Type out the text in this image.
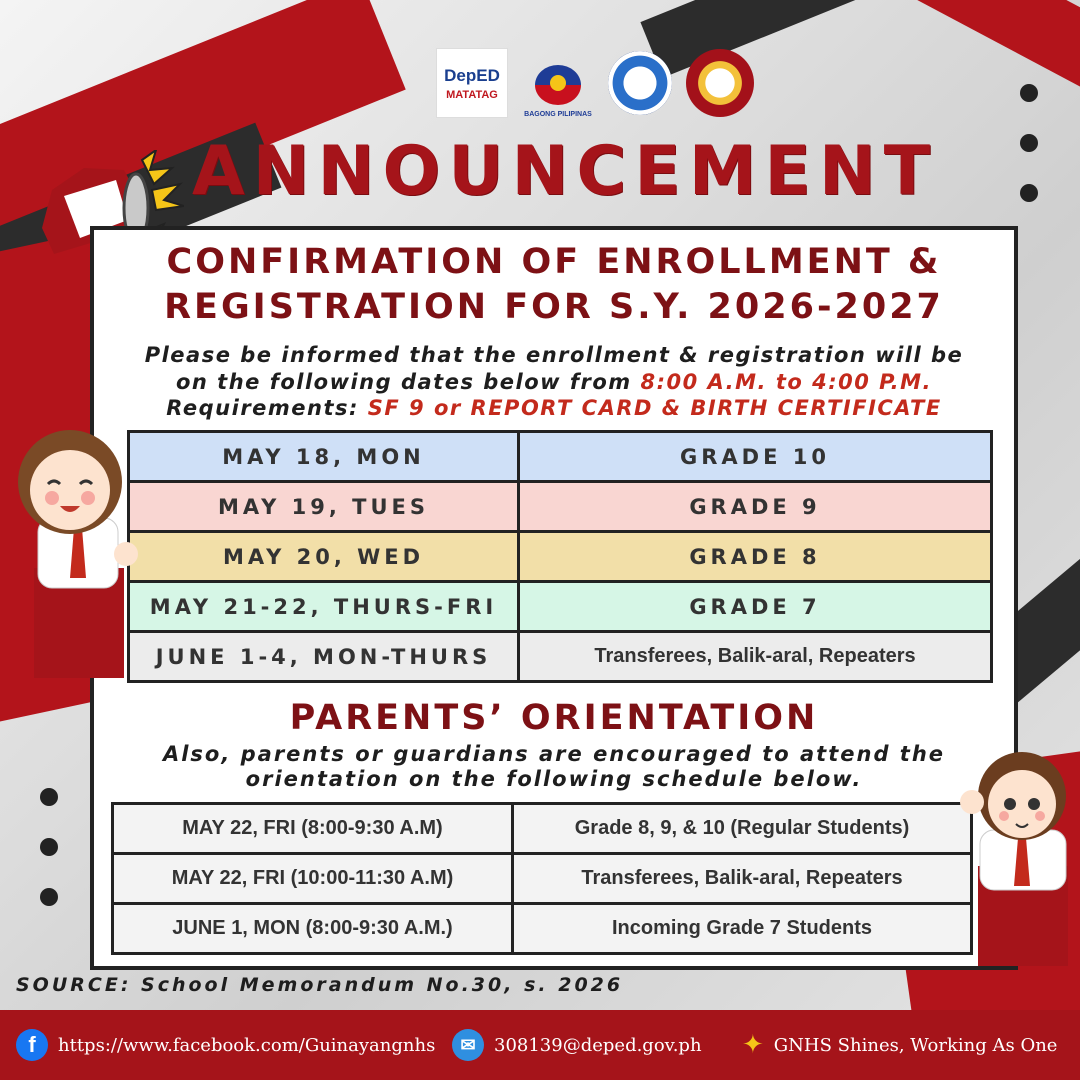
DepED
MATATAG
BAGONG PILIPINAS
ANNOUNCEMENT
CONFIRMATION OF ENROLLMENT &
REGISTRATION FOR S.Y. 2026-2027
Please be informed that the enrollment & registration will be
on the following dates below from 8:00 A.M. to 4:00 P.M.
Requirements: SF 9 or REPORT CARD & BIRTH CERTIFICATE
MAY 18, MON	GRADE 10
MAY 19, TUES	GRADE 9
MAY 20, WED	GRADE 8
MAY 21-22, THURS-FRI	GRADE 7
JUNE 1-4, MON-THURS	Transferees, Balik-aral, Repeaters
PARENTS’ ORIENTATION
Also, parents or guardians are encouraged to attend the
orientation on the following schedule below.
MAY 22, FRI (8:00-9:30 A.M)	Grade 8, 9, & 10 (Regular Students)
MAY 22, FRI (10:00-11:30 A.M)	Transferees, Balik-aral, Repeaters
JUNE 1, MON (8:00-9:30 A.M.)	Incoming Grade 7 Students
SOURCE: School Memorandum No.30, s. 2026
f	https://www.facebook.com/Guinayangnhs	✉	308139@deped.gov.ph ✦ GNHS Shines, Working As One
